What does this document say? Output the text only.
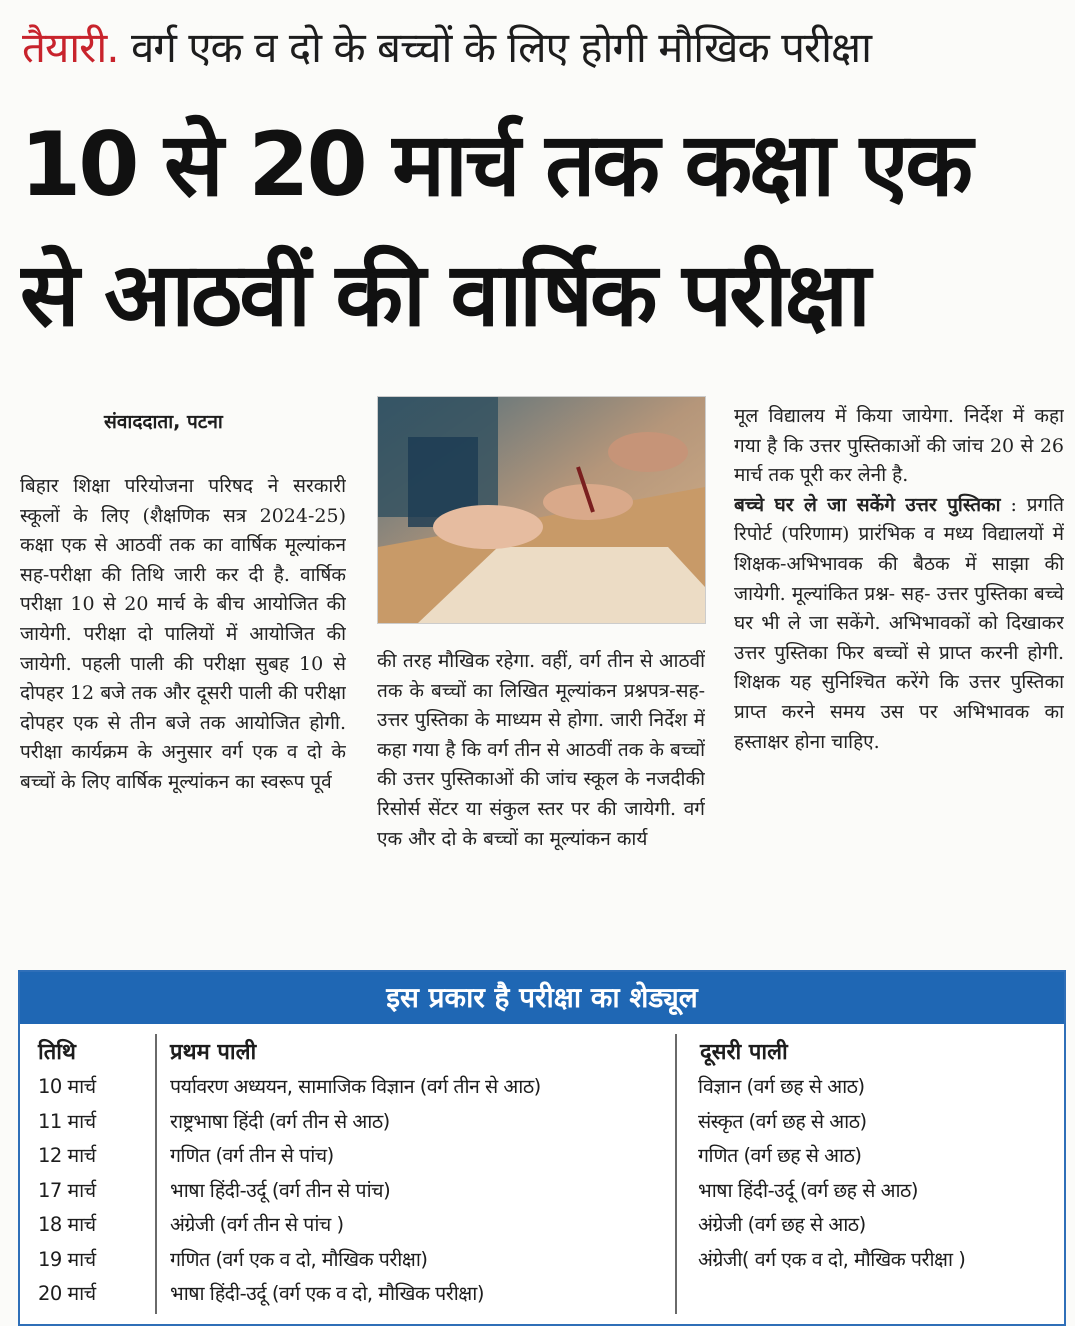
तैयारी. वर्ग एक व दो के बच्चों के लिए होगी मौखिक परीक्षा
10 से 20 मार्च तक कक्षा एक
से आठवीं की वार्षिक परीक्षा
संवाददाता, पटना
बिहार शिक्षा परियोजना परिषद ने सरकारी स्कूलों के लिए (शैक्षणिक सत्र 2024-25) कक्षा एक से आठवीं तक का वार्षिक मूल्यांकन सह-परीक्षा की तिथि जारी कर दी है. वार्षिक परीक्षा 10 से 20 मार्च के बीच आयोजित की जायेगी. परीक्षा दो पालियों में आयोजित की जायेगी. पहली पाली की परीक्षा सुबह 10 से दोपहर 12 बजे तक और दूसरी पाली की परीक्षा दोपहर एक से तीन बजे तक आयोजित होगी. परीक्षा कार्यक्रम के अनुसार वर्ग एक व दो के बच्चों के लिए वार्षिक मूल्यांकन का स्वरूप पूर्व
की तरह मौखिक रहेगा. वहीं, वर्ग तीन से आठवीं तक के बच्चों का लिखित मूल्यांकन प्रश्नपत्र-सह-उत्तर पुस्तिका के माध्यम से होगा. जारी निर्देश में कहा गया है कि वर्ग तीन से आठवीं तक के बच्चों की उत्तर पुस्तिकाओं की जांच स्कूल के नजदीकी रिसोर्स सेंटर या संकुल स्तर पर की जायेगी. वर्ग एक और दो के बच्चों का मूल्यांकन कार्य
मूल विद्यालय में किया जायेगा. निर्देश में कहा गया है कि उत्तर पुस्तिकाओं की जांच 20 से 26 मार्च तक पूरी कर लेनी है.
बच्चे घर ले जा सकेंगे उत्तर पुस्तिका : प्रगति रिपोर्ट (परिणाम) प्रारंभिक व मध्य विद्यालयों में शिक्षक-अभिभावक की बैठक में साझा की जायेगी. मूल्यांकित प्रश्न- सह- उत्तर पुस्तिका बच्चे घर भी ले जा सकेंगे. अभिभावकों को दिखाकर उत्तर पुस्तिका फिर बच्चों से प्राप्त करनी होगी. शिक्षक यह सुनिश्चित करेंगे कि उत्तर पुस्तिका प्राप्त करने समय उस पर अभिभावक का हस्ताक्षर होना चाहिए.
इस प्रकार है परीक्षा का शेड्यूल
तिथि	प्रथम पाली	दूसरी पाली
10 मार्च	पर्यावरण अध्ययन, सामाजिक विज्ञान (वर्ग तीन से आठ)	विज्ञान (वर्ग छह से आठ)
11 मार्च	राष्ट्रभाषा हिंदी (वर्ग तीन से आठ)	संस्कृत (वर्ग छह से आठ)
12 मार्च	गणित (वर्ग तीन से पांच)	गणित (वर्ग छह से आठ)
17 मार्च	भाषा हिंदी-उर्दू (वर्ग तीन से पांच)	भाषा हिंदी-उर्दू (वर्ग छह से आठ)
18 मार्च	अंग्रेजी (वर्ग तीन से पांच )	अंग्रेजी (वर्ग छह से आठ)
19 मार्च	गणित (वर्ग एक व दो, मौखिक परीक्षा)	अंग्रेजी( वर्ग एक व दो, मौखिक परीक्षा )
20 मार्च	भाषा हिंदी-उर्दू (वर्ग एक व दो, मौखिक परीक्षा)
